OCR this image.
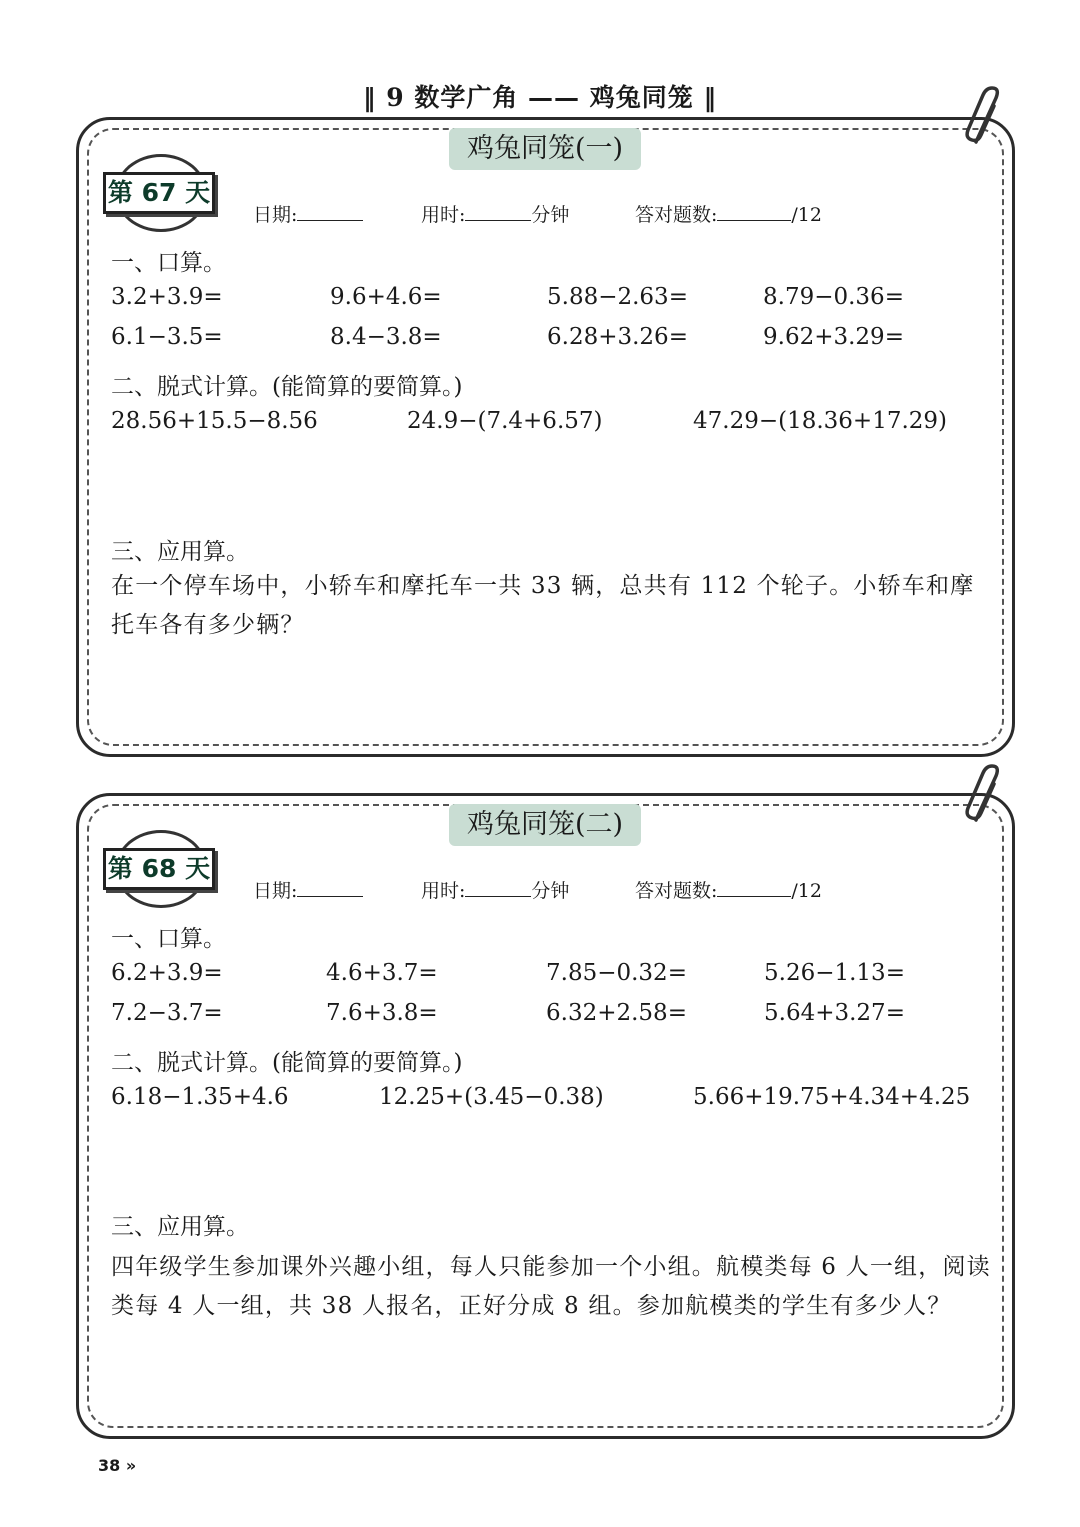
‖ 9 数学广角 —— 鸡兔同笼 ‖
鸡兔同笼(一)
第 67 天
日期:	用时:	分钟	答对题数:	/12
一、口算。
3.2+3.9=	9.6+4.6=	5.88−2.63=	8.79−0.36=
6.1−3.5=	8.4−3.8=	6.28+3.26=	9.62+3.29=
二、脱式计算。(能简算的要简算。)
28.56+15.5−8.56	24.9−(7.4+6.57)	47.29−(18.36+17.29)
三、应用算。
在一个停车场中，小轿车和摩托车一共 33 辆，总共有 112 个轮子。小轿车和摩托车各有多少辆？
鸡兔同笼(二)
第 68 天
日期:	用时:	分钟	答对题数:	/12
一、口算。
6.2+3.9=	4.6+3.7=	7.85−0.32=	5.26−1.13=
7.2−3.7=	7.6+3.8=	6.32+2.58=	5.64+3.27=
二、脱式计算。(能简算的要简算。)
6.18−1.35+4.6	12.25+(3.45−0.38)	5.66+19.75+4.34+4.25
三、应用算。
四年级学生参加课外兴趣小组，每人只能参加一个小组。航模类每 6 人一组，阅读类每 4 人一组，共 38 人报名，正好分成 8 组。参加航模类的学生有多少人？
38 »
